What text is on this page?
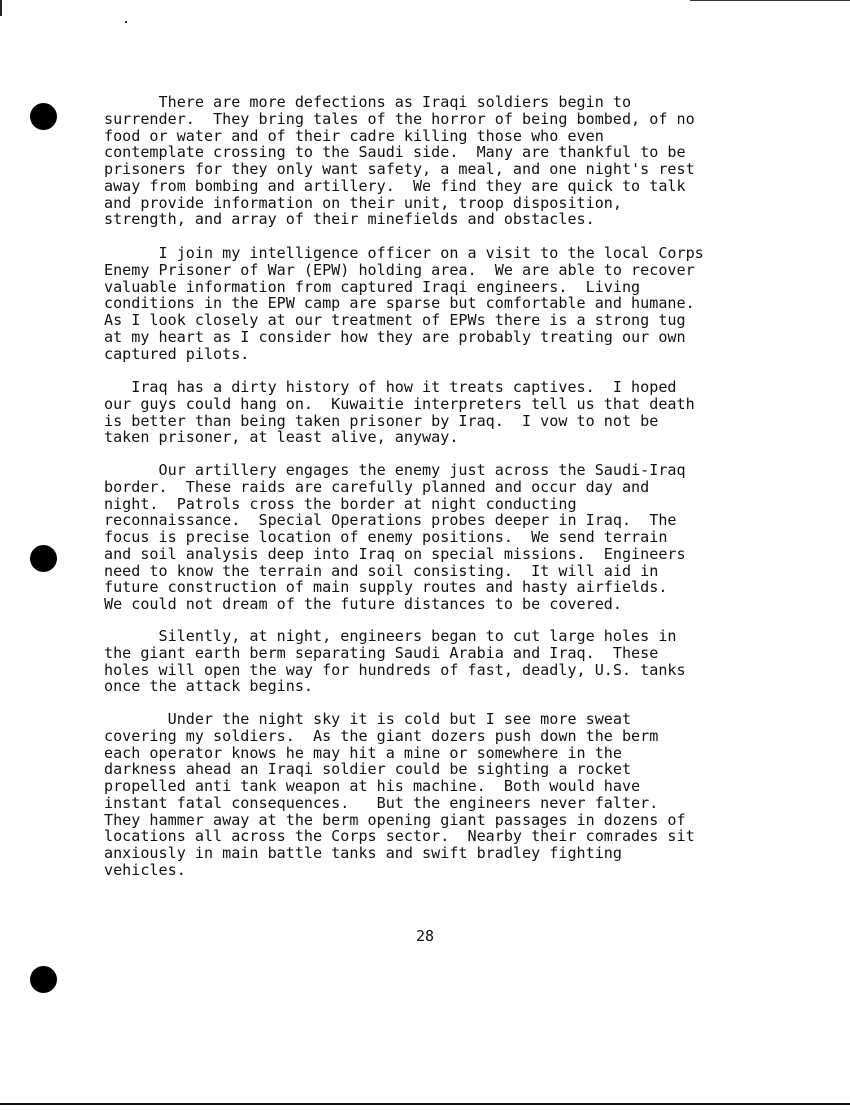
There are more defections as Iraqi soldiers begin to
surrender.  They bring tales of the horror of being bombed, of no
food or water and of their cadre killing those who even
contemplate crossing to the Saudi side.  Many are thankful to be
prisoners for they only want safety, a meal, and one night's rest
away from bombing and artillery.  We find they are quick to talk
and provide information on their unit, troop disposition,
strength, and array of their minefields and obstacles.

I join my intelligence officer on a visit to the local Corps
Enemy Prisoner of War (EPW) holding area.  We are able to recover
valuable information from captured Iraqi engineers.  Living
conditions in the EPW camp are sparse but comfortable and humane.
As I look closely at our treatment of EPWs there is a strong tug
at my heart as I consider how they are probably treating our own
captured pilots.

Iraq has a dirty history of how it treats captives.  I hoped
our guys could hang on.  Kuwaitie interpreters tell us that death
is better than being taken prisoner by Iraq.  I vow to not be
taken prisoner, at least alive, anyway.

Our artillery engages the enemy just across the Saudi-Iraq
border.  These raids are carefully planned and occur day and
night.  Patrols cross the border at night conducting
reconnaissance.  Special Operations probes deeper in Iraq.  The
focus is precise location of enemy positions.  We send terrain
and soil analysis deep into Iraq on special missions.  Engineers
need to know the terrain and soil consisting.  It will aid in
future construction of main supply routes and hasty airfields.
We could not dream of the future distances to be covered.

Silently, at night, engineers began to cut large holes in
the giant earth berm separating Saudi Arabia and Iraq.  These
holes will open the way for hundreds of fast, deadly, U.S. tanks
once the attack begins.

Under the night sky it is cold but I see more sweat
covering my soldiers.  As the giant dozers push down the berm
each operator knows he may hit a mine or somewhere in the
darkness ahead an Iraqi soldier could be sighting a rocket
propelled anti tank weapon at his machine.  Both would have
instant fatal consequences.   But the engineers never falter.
They hammer away at the berm opening giant passages in dozens of
locations all across the Corps sector.  Nearby their comrades sit
anxiously in main battle tanks and swift bradley fighting
vehicles.

28
